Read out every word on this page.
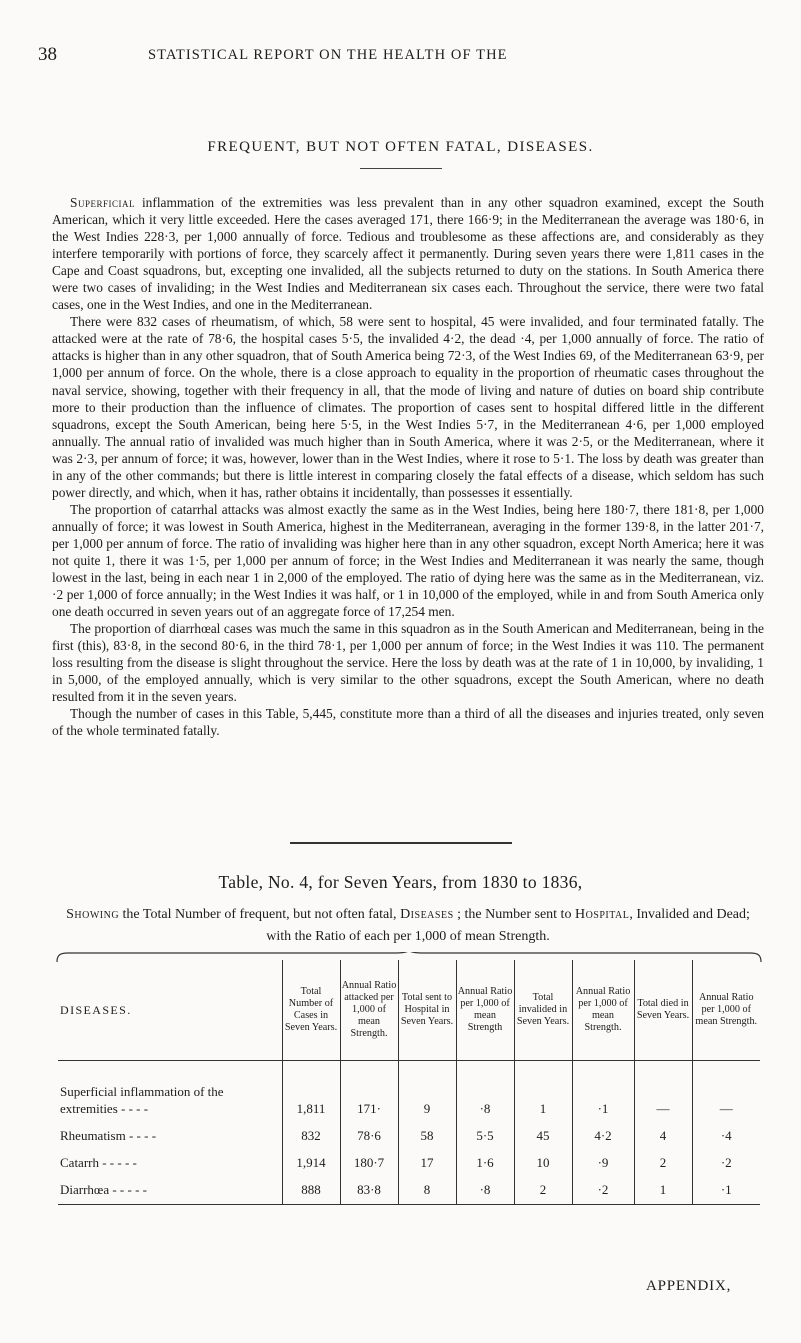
38	STATISTICAL REPORT ON THE HEALTH OF THE
FREQUENT, BUT NOT OFTEN FATAL, DISEASES.

Superficial inflammation of the extremities was less prevalent than in any other squadron examined, except the South American, which it very little exceeded. Here the cases averaged 171, there 166·9; in the Mediterranean the average was 180·6, in the West Indies 228·3, per 1,000 annually of force. Tedious and troublesome as these affections are, and considerably as they interfere temporarily with portions of force, they scarcely affect it permanently. During seven years there were 1,811 cases in the Cape and Coast squadrons, but, excepting one invalided, all the subjects returned to duty on the stations. In South America there were two cases of invaliding; in the West Indies and Mediterranean six cases each. Throughout the service, there were two fatal cases, one in the West Indies, and one in the Mediterranean.

There were 832 cases of rheumatism, of which, 58 were sent to hospital, 45 were invalided, and four terminated fatally. The attacked were at the rate of 78·6, the hospital cases 5·5, the invalided 4·2, the dead ·4, per 1,000 annually of force. The ratio of attacks is higher than in any other squadron, that of South America being 72·3, of the West Indies 69, of the Mediterranean 63·9, per 1,000 per annum of force. On the whole, there is a close approach to equality in the proportion of rheumatic cases throughout the naval service, showing, together with their frequency in all, that the mode of living and nature of duties on board ship contribute more to their production than the influence of climates. The proportion of cases sent to hospital differed little in the different squadrons, except the South American, being here 5·5, in the West Indies 5·7, in the Mediterranean 4·6, per 1,000 employed annually. The annual ratio of invalided was much higher than in South America, where it was 2·5, or the Mediterranean, where it was 2·3, per annum of force; it was, however, lower than in the West Indies, where it rose to 5·1. The loss by death was greater than in any of the other commands; but there is little interest in comparing closely the fatal effects of a disease, which seldom has such power directly, and which, when it has, rather obtains it incidentally, than possesses it essentially.

The proportion of catarrhal attacks was almost exactly the same as in the West Indies, being here 180·7, there 181·8, per 1,000 annually of force; it was lowest in South America, highest in the Mediterranean, averaging in the former 139·8, in the latter 201·7, per 1,000 per annum of force. The ratio of invaliding was higher here than in any other squadron, except North America; here it was not quite 1, there it was 1·5, per 1,000 per annum of force; in the West Indies and Mediterranean it was nearly the same, though lowest in the last, being in each near 1 in 2,000 of the employed. The ratio of dying here was the same as in the Mediterranean, viz. ·2 per 1,000 of force annually; in the West Indies it was half, or 1 in 10,000 of the employed, while in and from South America only one death occurred in seven years out of an aggregate force of 17,254 men.

The proportion of diarrhœal cases was much the same in this squadron as in the South American and Mediterranean, being in the first (this), 83·8, in the second 80·6, in the third 78·1, per 1,000 per annum of force; in the West Indies it was 110. The permanent loss resulting from the disease is slight throughout the service. Here the loss by death was at the rate of 1 in 10,000, by invaliding, 1 in 5,000, of the employed annually, which is very similar to the other squadrons, except the South American, where no death resulted from it in the seven years.

Though the number of cases in this Table, 5,445, constitute more than a third of all the diseases and injuries treated, only seven of the whole terminated fatally.

Table, No. 4, for Seven Years, from 1830 to 1836,
Showing the Total Number of frequent, but not often fatal, Diseases ; the Number sent to Hospital, Invalided and Dead; with the Ratio of each per 1,000 of mean Strength.
DISEASES.	Total Number of Cases in Seven Years.	Annual Ratio attacked per 1,000 of mean Strength.	Total sent to Hospital in Seven Years.	Annual Ratio per 1,000 of mean Strength	Total invalided in Seven Years.	Annual Ratio per 1,000 of mean Strength.	Total died in Seven Years.	Annual Ratio per 1,000 of mean Strength.
Superficial inflammation of the extremities - - - -	1,811	171·	9	·8	1	·1	—	—
Rheumatism - - - -	832	78·6	58	5·5	45	4·2	4	·4
Catarrh - - - - -	1,914	180·7	17	1·6	10	·9	2	·2
Diarrhœa - - - - -	888	83·8	8	·8	2	·2	1	·1
APPENDIX,
